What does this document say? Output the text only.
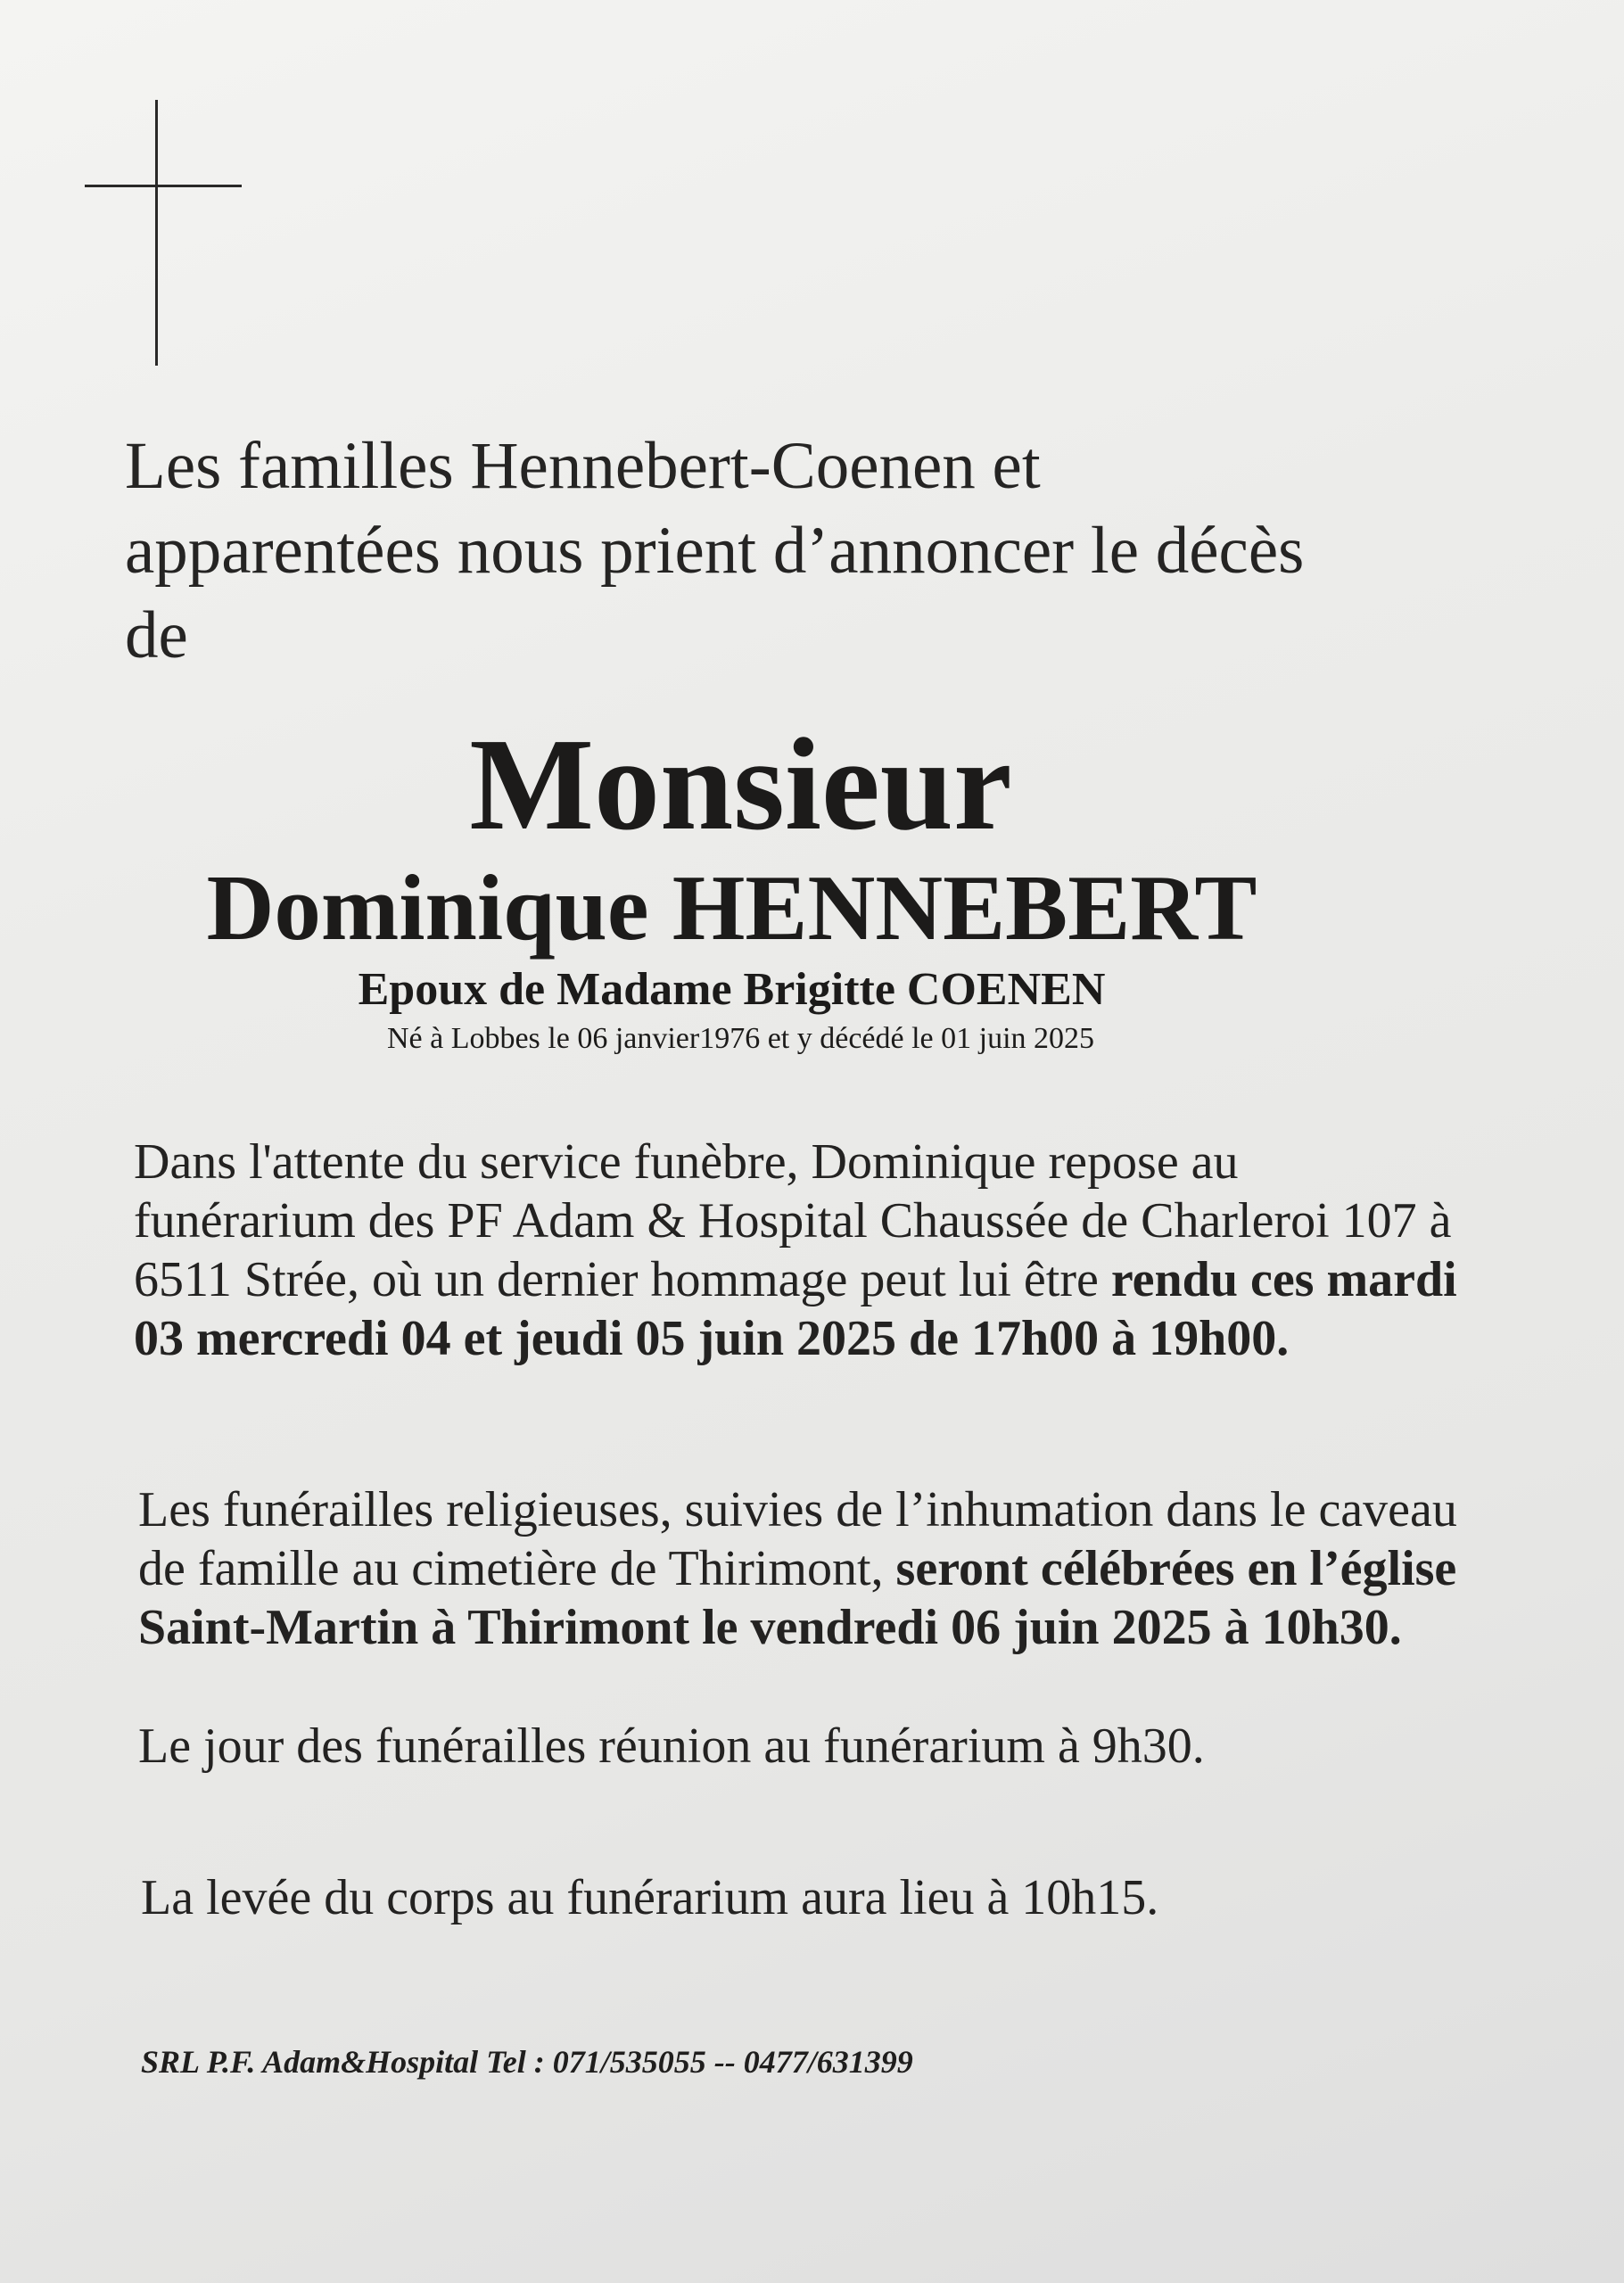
Les familles Hennebert-Coenen et
apparentées nous prient d’annoncer le décès
de
Monsieur
Dominique HENNEBERT
Epoux de Madame Brigitte COENEN
Né à Lobbes le 06 janvier1976 et y décédé le 01 juin 2025
Dans l'attente du service funèbre, Dominique repose au
funérarium des PF Adam & Hospital Chaussée de Charleroi 107 à
6511 Strée, où un dernier hommage peut lui être rendu ces mardi
03 mercredi 04 et jeudi 05 juin 2025 de 17h00 à 19h00.
Les funérailles religieuses, suivies de l’inhumation dans le caveau
de famille au cimetière de Thirimont, seront célébrées en l’église
Saint-Martin à Thirimont le vendredi 06 juin 2025 à 10h30.
Le jour des funérailles réunion au funérarium à 9h30.
La levée du corps au funérarium aura lieu à 10h15.
SRL P.F. Adam&Hospital Tel : 071/535055 -- 0477/631399
